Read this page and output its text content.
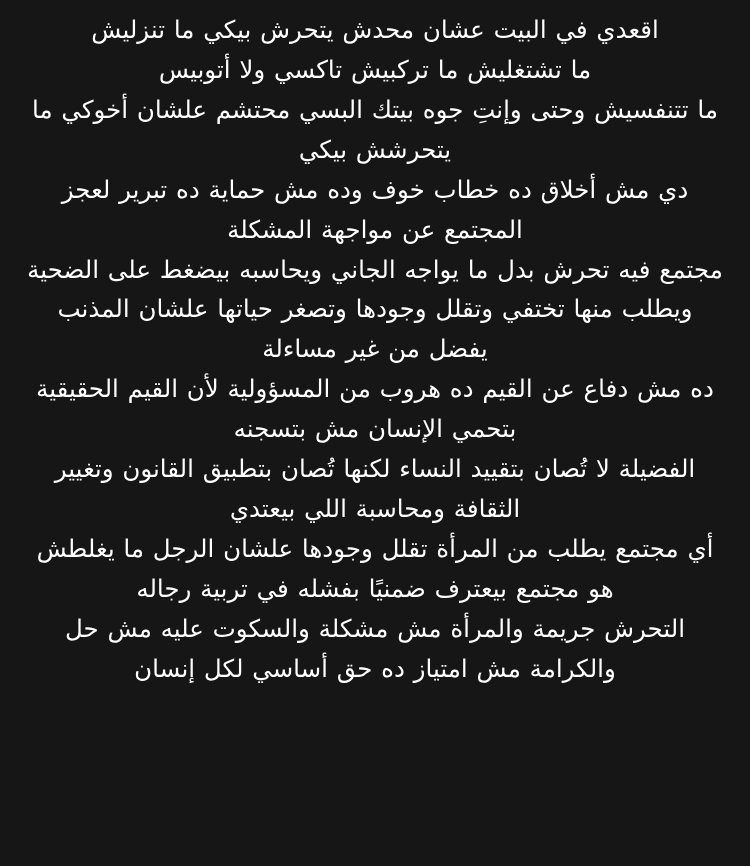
اقعدي في البيت عشان محدش يتحرش بيكي ما تنزليش

ما تشتغليش ما تركبيش تاكسي ولا أتوبيس

ما تتنفسيش وحتى وإنتِ جوه بيتك البسي محتشم علشان أخوكي ما يتحرشش بيكي

دي مش أخلاق ده خطاب خوف وده مش حماية ده تبرير لعجز المجتمع عن مواجهة المشكلة

مجتمع فيه تحرش بدل ما يواجه الجاني ويحاسبه بيضغط على الضحية ويطلب منها تختفي وتقلل وجودها وتصغر حياتها علشان المذنب يفضل من غير مساءلة

ده مش دفاع عن القيم ده هروب من المسؤولية لأن القيم الحقيقية بتحمي الإنسان مش بتسجنه

الفضيلة لا تُصان بتقييد النساء لكنها تُصان بتطبيق القانون وتغيير الثقافة ومحاسبة اللي بيعتدي

أي مجتمع يطلب من المرأة تقلل وجودها علشان الرجل ما يغلطش هو مجتمع بيعترف ضمنيًا بفشله في تربية رجاله

التحرش جريمة والمرأة مش مشكلة والسكوت عليه مش حل والكرامة مش امتياز ده حق أساسي لكل إنسان
